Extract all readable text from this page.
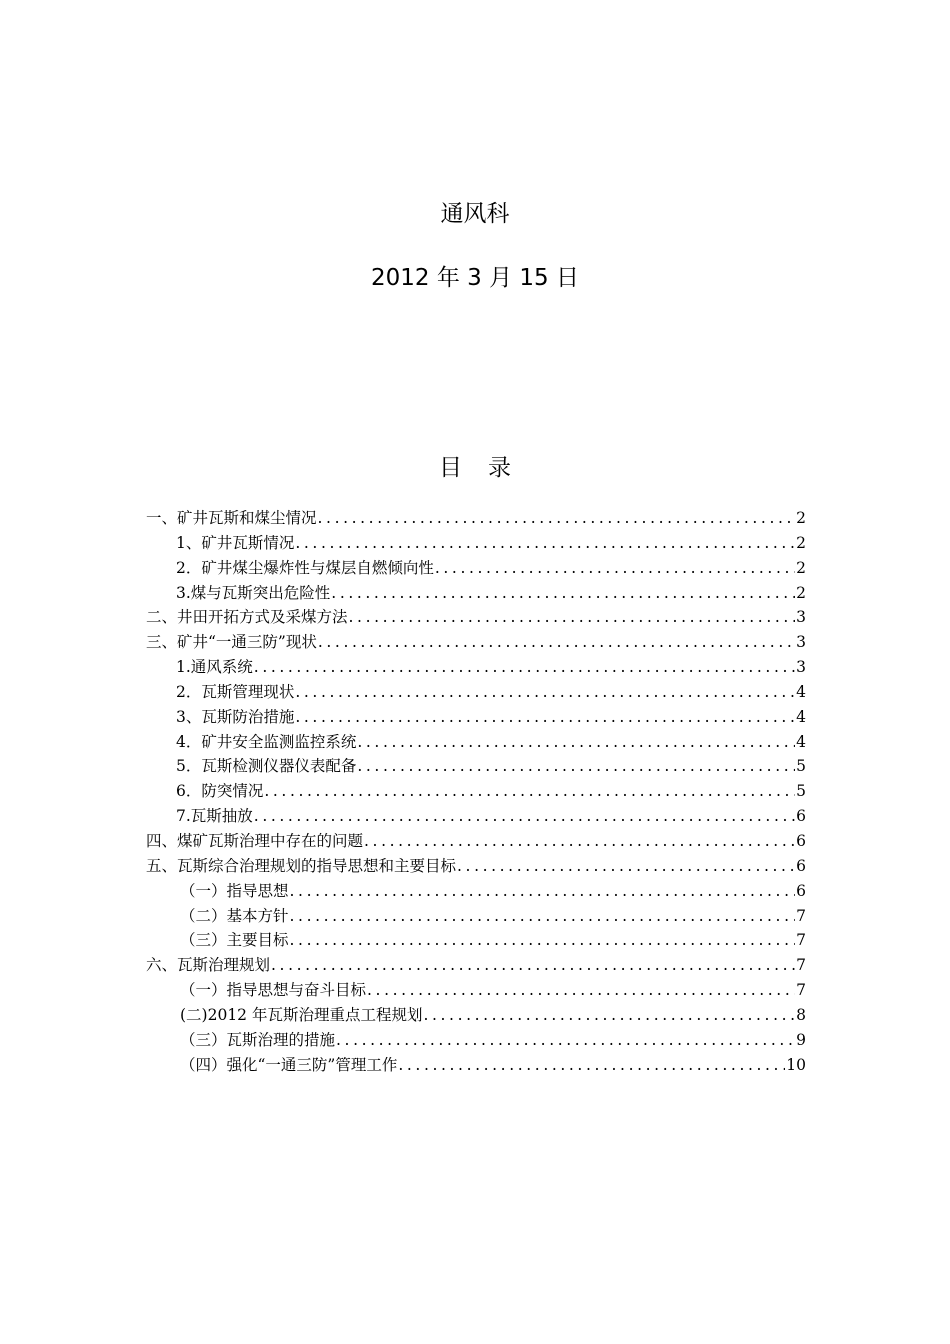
通风科
2012 年 3 月 15 日
目 录
一、矿井瓦斯和煤尘情况 .....	2
1、矿井瓦斯情况 .....	2
2．矿井煤尘爆炸性与煤层自燃倾向性 .....	2
3.煤与瓦斯突出危险性 .....	2
二、井田开拓方式及采煤方法 .....	3
三、矿井“一通三防”现状 .....	3
1.通风系统 .....	3
2．瓦斯管理现状 .....	4
3、瓦斯防治措施 .....	4
4．矿井安全监测监控系统 .....	4
5．瓦斯检测仪器仪表配备 .....	5
6．防突情况 .....	5
7.瓦斯抽放 .....	6
四、煤矿瓦斯治理中存在的问题 .....	6
五、瓦斯综合治理规划的指导思想和主要目标 .....	6
（一）指导思想 .....	6
（二）基本方针 .....	7
（三）主要目标 .....	7
六、瓦斯治理规划 .....	7
（一）指导思想与奋斗目标 .....	7
(二)2012 年瓦斯治理重点工程规划 .....	8
（三）瓦斯治理的措施 .....	9
（四）强化“一通三防”管理工作 .....	10
